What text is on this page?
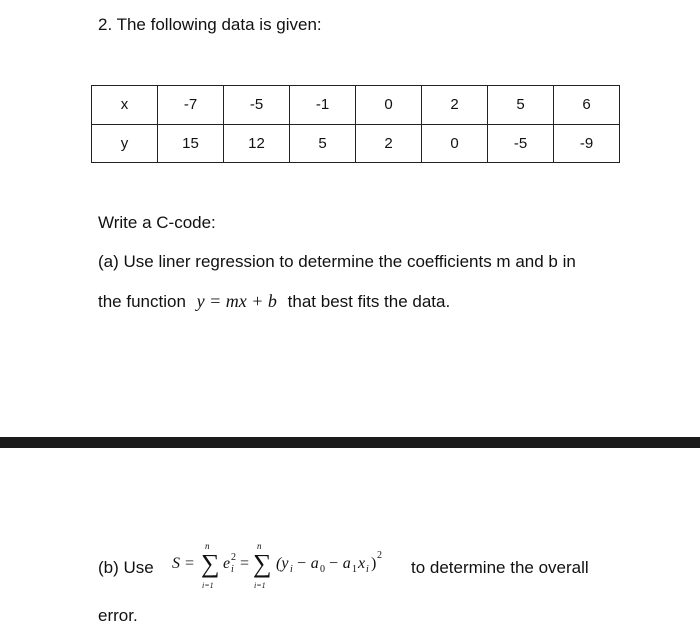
2. The following data is given:
x	-7	-5	-1	0	2	5	6
y	15	12	5	2	0	-5	-9
Write a C-code:
(a) Use liner regression to determine the coefficients m and b in
the function y = mx + b that best fits the data.
(b) Use S = ∑
n
i=1
e 2
i = ∑
n
i=1
(y i − a 0 − a 1 x i ) 2
to determine the overall
error.
